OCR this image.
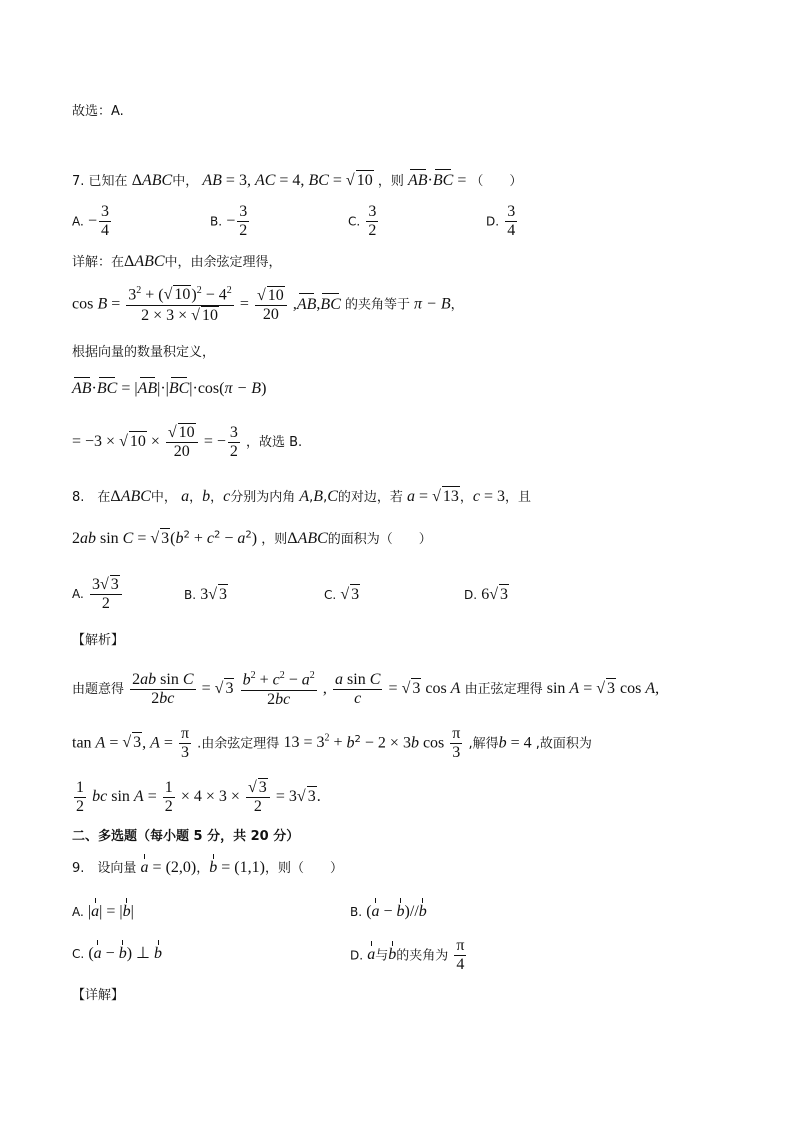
故选：A.
7. 已知在 ΔABC中， AB = 3, AC = 4, BC = √ 10 ，则 AB·BC = （　　）
A. − $\frac{3}{4}$	B. − $\frac{3}{2}$	C. $\frac{3}{2}$	D. $\frac{3}{4}$
详解：在ΔABC中，由余弦定理得，
$\cos B = \frac{3^2 + (√ 10)^2 - 4^2}{2 \times 3 \times √ 10}$ =
√ $\frac{10}{20} ,AB,BC$ 的夹角等于 π − B，
根据向量的数量积定义，
AB·BC = |AB|·|BC|·cos(π − B)
= −3 × √ 10 ×
√ $\frac{10}{20}$ = − $\frac{3}{2}$ ，故选 B.
8.　在ΔABC中， a，b，c分别为内角 A,B,C的对边，若 a = √ 13，c = 3，且
2ab sin C = √ $3(b^2 + c^2 - a^2)$ ，则ΔABC的面积为（　　）
A. $\frac{3√ 3}{2}$	B. 3√ 3	C. √ 3	D. 6√ 3
【解析】
由题意得 $\frac{\text{2ab sin C}}{2bc}$ = √ $3 \frac{b^2 + c^2 - a^2}{2bc}$ , $\frac{\text{a sin C}}{c}$ = √ 3 cos A 由正弦定理得 sin A = √ 3 cos A,
tan A = √ 3, $A = \frac{\pi}{3}$ .由余弦定理得 $13 = 3^2 + b^2 - 2 \times 3b$ $\cos \frac{\pi}{3}$ ,解得b = 4 ,故面积为
$\frac{1}{2}$ bc $\sin A = \frac{1}{2} \times 4 \times 3$ ×
√ $\frac{3}{2} = 3√$ 3.
二、多选题（每小题 5 分，共 20 分）
9.　设向量 a = (2,0)，b = (1,1)，则（　　）
A. |a| = |b|	B. (a − b)//b
C. (a − b) ⊥ b	D. a与b的夹角为 $\frac{\pi}{4}$
【详解】
